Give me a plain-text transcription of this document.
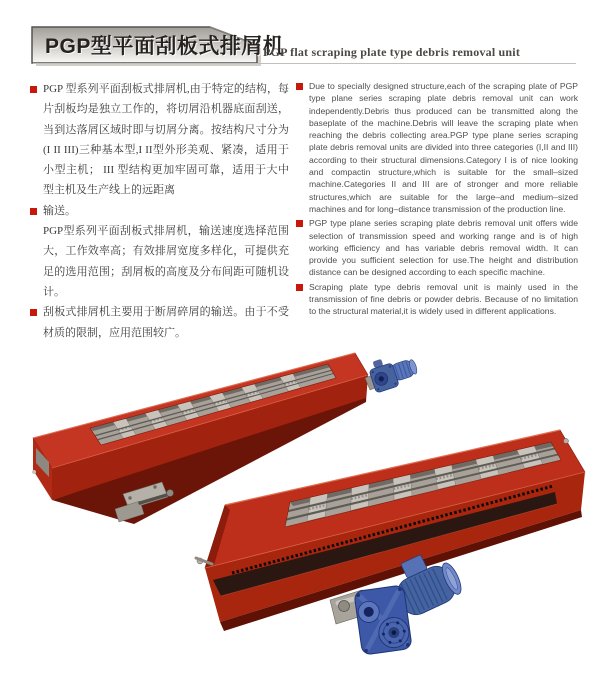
PGP型平面刮板式排屑机
PGP flat scraping plate type debris removal unit
PGP 型系列平面刮板式排屑机,由于特定的结构，每片刮板均是独立工作的，将切屑沿机器底面刮送，当到达落屑区域时即与切屑分离。按结构尺寸分为(I II III)三种基本型,I II型外形美观、紧凑，适用于小型主机； III 型结构更加牢固可靠，适用于大中型主机及生产线上的远距离
输送。
PGP型系列平面刮板式排屑机，输送速度选择范围大，工作效率高；有效排屑宽度多样化，可提供充足的选用范围；刮屑板的高度及分布间距可随机设计。
刮板式排屑机主要用于断屑碎屑的输送。由于不受材质的限制，应用范围较广。
Due to specially designed structure,each of the scraping plate of PGP type plane series scraping plate debris removal unit can work independently.Debris thus produced can be transmitted along the baseplate of the machine.Debris will leave the scraping plate when reaching the debris collecting area.PGP type plane series scraping plate debris removal units are divided into three categories (I,II and III) according to their structural dimensions.Category I is of nice looking and compactin structure,which is suitable for the small–sized machine.Categories II and III are of stronger and more reliable structures,which are suitable for the large–and medium–sized machines and for long–distance transmission of the production line.
PGP type plane series scraping plate debris removal unit offers wide selection of transmission speed and working range and is of high working efficiency and has variable debris removal width. It can provide you sufficient selection for use.The height and distribution distance can be designed according to each specific machine.
Scraping plate type debris removal unit is mainly used in the transmission of fine debris or powder debris. Because of no limitation to the structural material,it is widely used in different applications.
